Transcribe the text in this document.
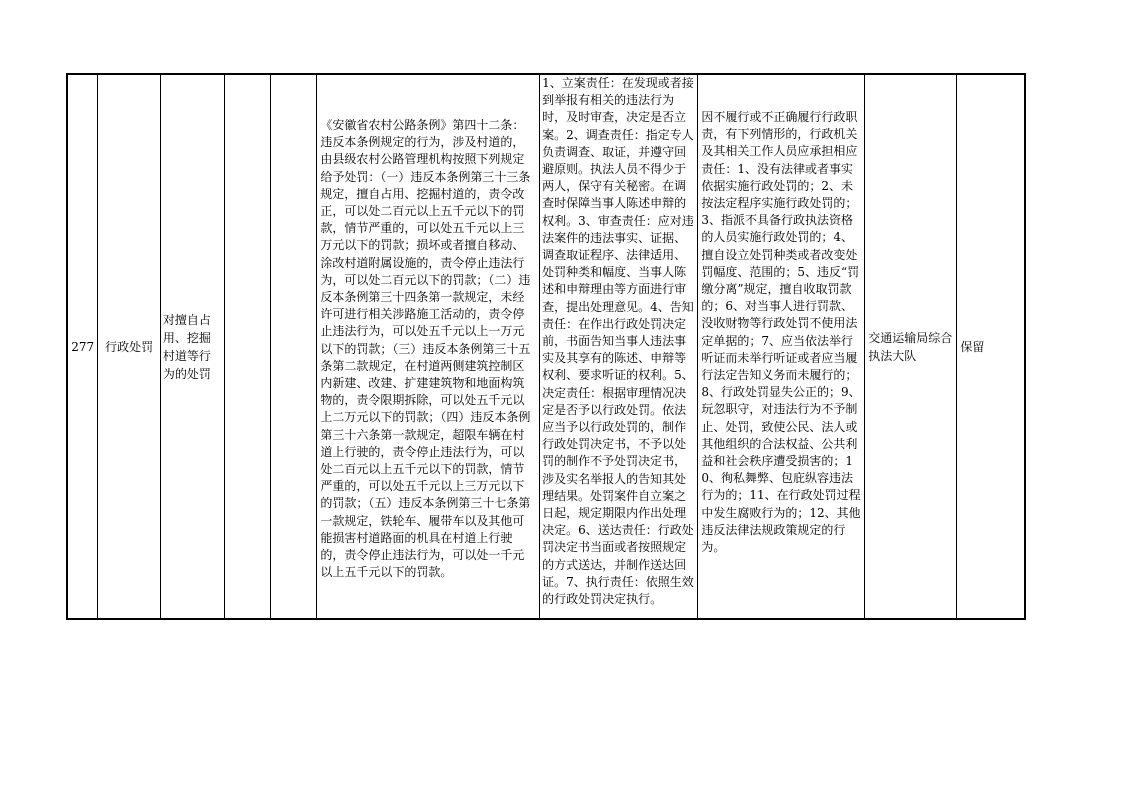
277 行政处罚
对擅自占用、挖掘村道等行为的处罚
《安徽省农村公路条例》第四十二条：违反本条例规定的行为，涉及村道的，由县级农村公路管理机构按照下列规定给予处罚：（一）违反本条例第三十三条规定，擅自占用、挖掘村道的，责令改正，可以处二百元以上五千元以下的罚款，情节严重的，可以处五千元以上三万元以下的罚款；损坏或者擅自移动、涂改村道附属设施的，责令停止违法行为，可以处二百元以下的罚款；（二）违反本条例第三十四条第一款规定，未经许可进行相关涉路施工活动的，责令停止违法行为，可以处五千元以上一万元以下的罚款；（三）违反本条例第三十五条第二款规定，在村道两侧建筑控制区内新建、改建、扩建建筑物和地面构筑物的，责令限期拆除，可以处五千元以上二万元以下的罚款；（四）违反本条例第三十六条第一款规定，超限车辆在村道上行驶的，责令停止违法行为，可以处二百元以上五千元以下的罚款，情节严重的，可以处五千元以上三万元以下的罚款；（五）违反本条例第三十七条第一款规定，铁轮车、履带车以及其他可能损害村道路面的机具在村道上行驶的，责令停止违法行为，可以处一千元以上五千元以下的罚款。
1、立案责任：在发现或者接到举报有相关的违法行为时，及时审查，决定是否立案。2、调查责任：指定专人负责调查、取证，并遵守回避原则。执法人员不得少于两人，保守有关秘密。在调查时保障当事人陈述申辩的权利。3、审查责任：应对违法案件的违法事实、证据、调查取证程序、法律适用、处罚种类和幅度、当事人陈述和申辩理由等方面进行审查，提出处理意见。4、告知责任：在作出行政处罚决定前，书面告知当事人违法事实及其享有的陈述、申辩等权利、要求听证的权利。5、决定责任：根据审理情况决定是否予以行政处罚。依法应当予以行政处罚的，制作行政处罚决定书，不予以处罚的制作不予处罚决定书，涉及实名举报人的告知其处理结果。处罚案件自立案之日起，规定期限内作出处理决定。6、送达责任：行政处罚决定书当面或者按照规定的方式送达，并制作送达回证。7、执行责任：依照生效的行政处罚决定执行。
因不履行或不正确履行行政职责，有下列情形的，行政机关及其相关工作人员应承担相应责任：1、没有法律或者事实依据实施行政处罚的；2、未按法定程序实施行政处罚的；3、指派不具备行政执法资格的人员实施行政处罚的；4、擅自设立处罚种类或者改变处罚幅度、范围的；5、违反“罚缴分离”规定，擅自收取罚款的；6、对当事人进行罚款、没收财物等行政处罚不使用法定单据的；7、应当依法举行听证而未举行听证或者应当履行法定告知义务而未履行的；8、行政处罚显失公正的；9、玩忽职守，对违法行为不予制止、处罚，致使公民、法人或其他组织的合法权益、公共利益和社会秩序遭受损害的；10、徇私舞弊、包庇纵容违法行为的；11、在行政处罚过程中发生腐败行为的；12、其他违反法律法规政策规定的行为。
交通运输局综合执法大队
保留
